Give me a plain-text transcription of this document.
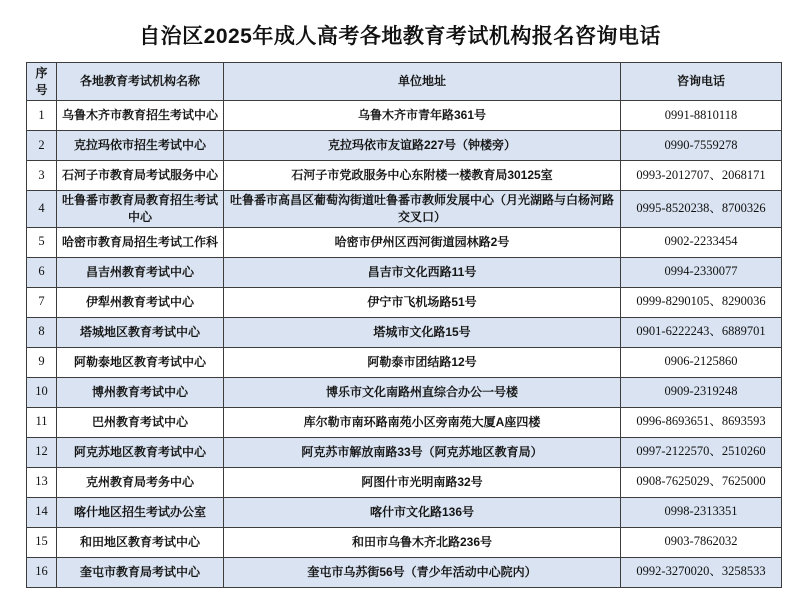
自治区2025年成人高考各地教育考试机构报名咨询电话
序号	各地教育考试机构名称	单位地址	咨询电话
1	乌鲁木齐市教育招生考试中心	乌鲁木齐市青年路361号	0991-8810118
2	克拉玛依市招生考试中心	克拉玛依市友谊路227号（钟楼旁）	0990-7559278
3	石河子市教育局考试服务中心	石河子市党政服务中心东附楼一楼教育局30125室	0993-2012707、2068171
4	吐鲁番市教育局教育招生考试中心	吐鲁番市高昌区葡萄沟街道吐鲁番市教师发展中心（月光湖路与白杨河路交叉口）	0995-8520238、8700326
5	哈密市教育局招生考试工作科	哈密市伊州区西河街道园林路2号	0902-2233454
6	昌吉州教育考试中心	昌吉市文化西路11号	0994-2330077
7	伊犁州教育考试中心	伊宁市飞机场路51号	0999-8290105、8290036
8	塔城地区教育考试中心	塔城市文化路15号	0901-6222243、6889701
9	阿勒泰地区教育考试中心	阿勒泰市团结路12号	0906-2125860
10	博州教育考试中心	博乐市文化南路州直综合办公一号楼	0909-2319248
11	巴州教育考试中心	库尔勒市南环路南苑小区旁南苑大厦A座四楼	0996-8693651、8693593
12	阿克苏地区教育考试中心	阿克苏市解放南路33号（阿克苏地区教育局）	0997-2122570、2510260
13	克州教育局考务中心	阿图什市光明南路32号	0908-7625029、7625000
14	喀什地区招生考试办公室	喀什市文化路136号	0998-2313351
15	和田地区教育考试中心	和田市乌鲁木齐北路236号	0903-7862032
16	奎屯市教育局考试中心	奎屯市乌苏街56号（青少年活动中心院内）	0992-3270020、3258533
